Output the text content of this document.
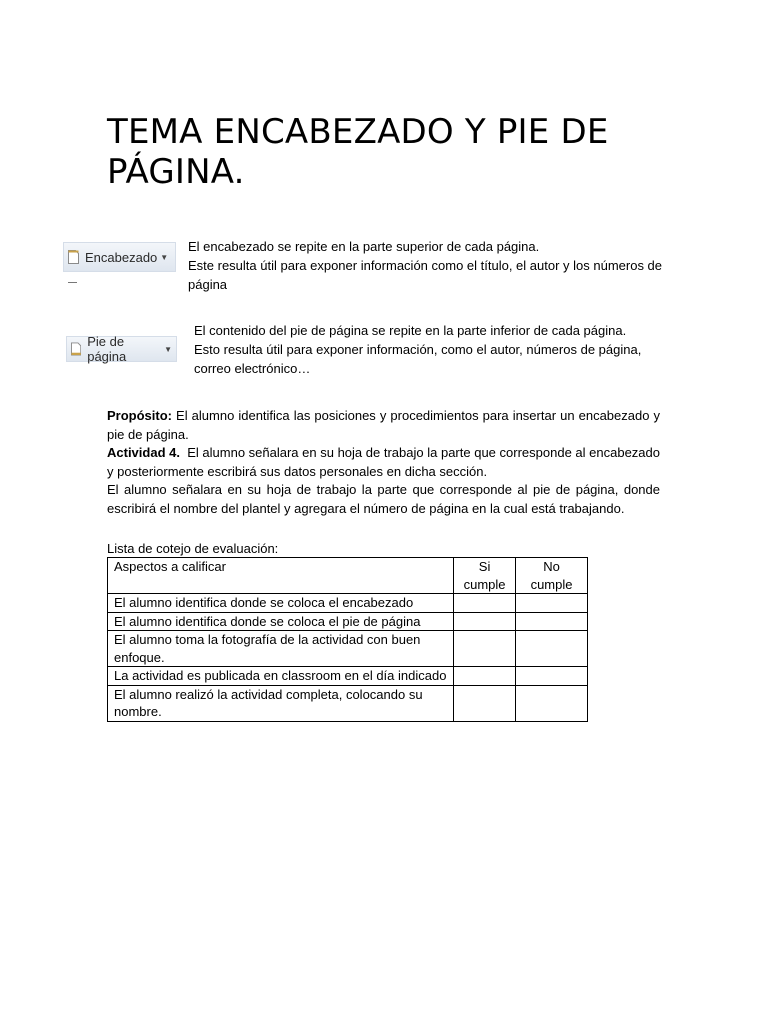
TEMA ENCABEZADO Y PIE DE PÁGINA.
Encabezado ▼

El encabezado se repite en la parte superior de cada página.
Este resulta útil para exponer información como el título, el autor y los números de página

Pie de página	▼

El contenido del pie de página se repite en la parte inferior de cada página.
Esto resulta útil para exponer información, como el autor, números de página, correo electrónico…

Propósito: El alumno identifica las posiciones y procedimientos para insertar un encabezado y pie de página.

Actividad 4.  El alumno señalara en su hoja de trabajo la parte que corresponde al encabezado y posteriormente escribirá sus datos personales en dicha sección.

El alumno señalara en su hoja de trabajo la parte que corresponde al pie de página, donde escribirá el nombre del plantel y agregara el número de página en la cual está trabajando.

Lista de cotejo de evaluación:

Aspectos a calificar	Si cumple	No cumple
El alumno identifica donde se coloca el encabezado		
El alumno identifica donde se coloca el pie de página		
El alumno toma la fotografía de la actividad con buen enfoque.		
La actividad es publicada en classroom en el día indicado		
El alumno realizó la actividad completa, colocando su nombre.		
